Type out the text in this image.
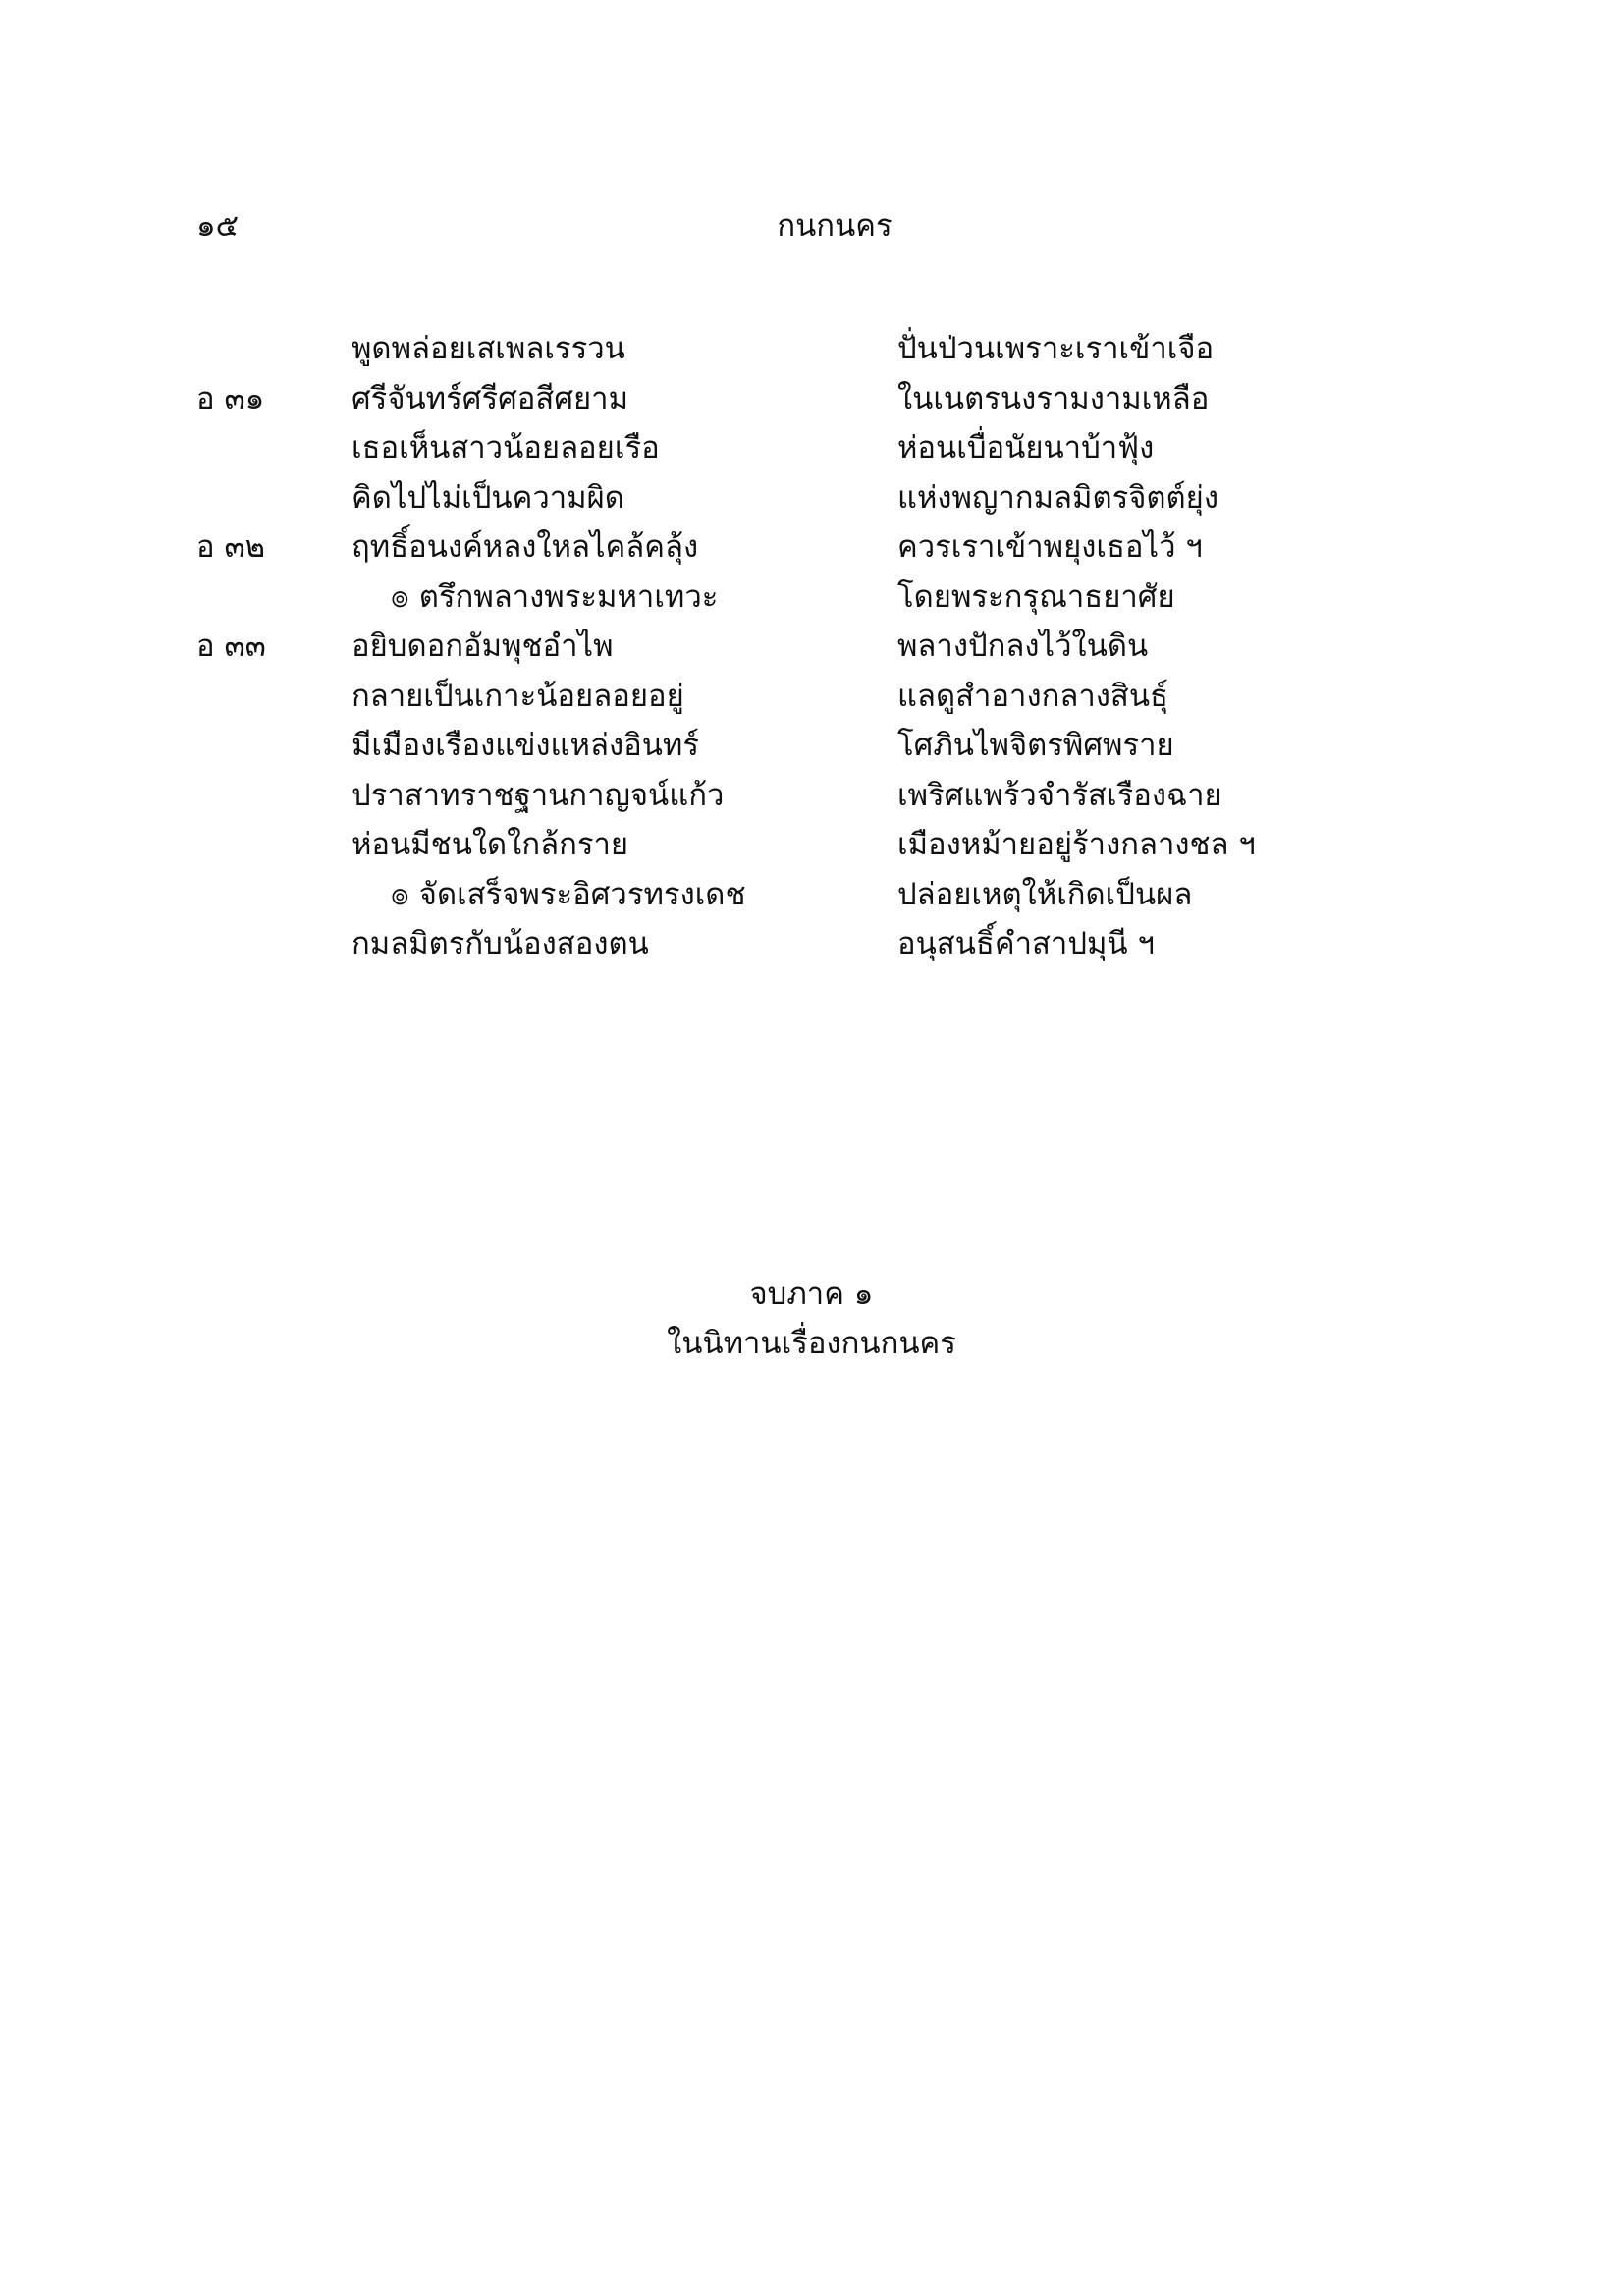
๑๕	กนกนคร
พูดพล่อยเสเพลเรรวน	ปั่นป่วนเพราะเราเข้าเจือ
อ ๓๑	ศรีจันทร์ศรีศอสีศยาม	ในเนตรนงรามงามเหลือ
เธอเห็นสาวน้อยลอยเรือ	ห่อนเบื่อนัยนาบ้าฟุ้ง
คิดไปไม่เป็นความผิด	แห่งพญากมลมิตรจิตต์ยุ่ง
อ ๓๒	ฤทธิ์อนงค์หลงใหลไคล้คลุ้ง	ควรเราเข้าพยุงเธอไว้ ฯ
๏ ตรึกพลางพระมหาเทวะ	โดยพระกรุณาธยาศัย
อ ๓๓	อยิบดอกอัมพุชอำไพ	พลางปักลงไว้ในดิน
กลายเป็นเกาะน้อยลอยอยู่	แลดูสำอางกลางสินธุ์
มีเมืองเรืองแข่งแหล่งอินทร์	โศภินไพจิตรพิศพราย
ปราสาทราชฐานกาญจน์แก้ว	เพริศแพร้วจำรัสเรืองฉาย
ห่อนมีชนใดใกล้กราย	เมืองหม้ายอยู่ร้างกลางชล ฯ
๏ จัดเสร็จพระอิศวรทรงเดช	ปล่อยเหตุให้เกิดเป็นผล
กมลมิตรกับน้องสองตน	อนุสนธิ์คำสาปมุนี ฯ
จบภาค ๑
ในนิทานเรื่องกนกนคร
